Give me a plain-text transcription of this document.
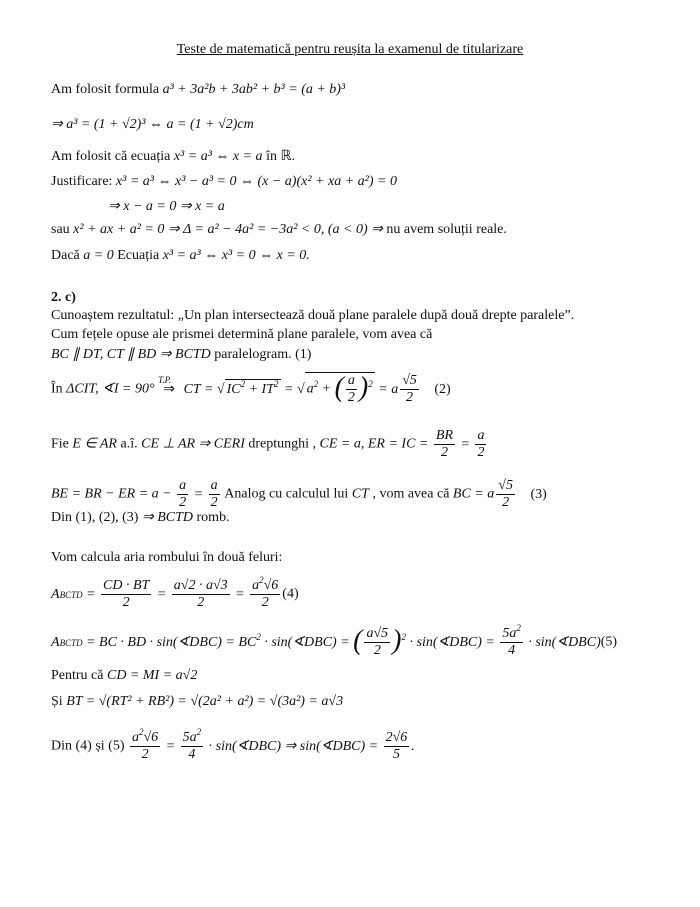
Teste de matematică pentru reușita la examenul de titularizare
Am folosit formula a³ + 3a²b + 3ab² + b³ = (a + b)³
⇒ a³ = (1 + √2)³ ⇔ a = (1 + √2)cm
Am folosit că ecuația x³ = a³ ⇔ x = a în ℝ.
Justificare: x³ = a³ ⇔ x³ − a³ = 0 ⇔ (x − a)(x² + xa + a²) = 0
⇒ x − a = 0 ⇒ x = a
sau x² + ax + a² = 0 ⇒ Δ = a² − 4a² = −3a² < 0, (a < 0) ⇒ nu avem soluții reale.
Dacă a = 0 Ecuația x³ = a³ ⇔ x³ = 0 ⇔ x = 0.
2. c)
Cunoaștem rezultatul: „Un plan intersectează două plane paralele după două drepte paralele”.
Cum fețele opuse ale prismei determină plane paralele, vom avea că
BC ∥ DT, CT ∥ BD ⇒ BCTD paralelogram. (1)
În ΔCIT, ∢I = 90°
T.P.
⇒ CT = √ $IC^2 + IT^2$ = √ $a^2$ + ( $\frac{a}{2} )^2 = a \frac{√5}{2} (2)$
Fie E ∈ AR a.î. CE ⊥ AR ⇒ CERI dreptunghi , CE = a, ER = IC = $\frac{BR}{2} = \frac{a}{2}$
BE = BR − ER = $a - \frac{a}{2} = \frac{a}{2}$ Analog cu calculul lui CT , vom avea că BC = a $\frac{√5}{2} (3)$
Din (1), (2), (3) ⇒ BCTD romb.
Vom calcula aria rombului în două feluri:
ABCTD = $\frac{CD \cdot BT}{2} = \frac{a√2 \cdot a√3}{2} = \frac{a^2√6}{2} (4)$
ABCTD = BC · BD · sin(∢DBC) = $BC^2$ · sin(∢DBC) = ( $\frac{a√5}{2} )^2$ · sin(∢DBC) = $\frac{5a^2}{4}$ · sin(∢DBC)(5)
Pentru că CD = MI = a√2
Și BT = √(RT² + RB²) = √(2a² + a²) = √(3a²) = a√3
Din (4) și $(5) \frac{a^2√6}{2} = \frac{5a^2}{4}$ · sin(∢DBC) ⇒ sin(∢DBC) = $\frac{2√6}{5}$ .
